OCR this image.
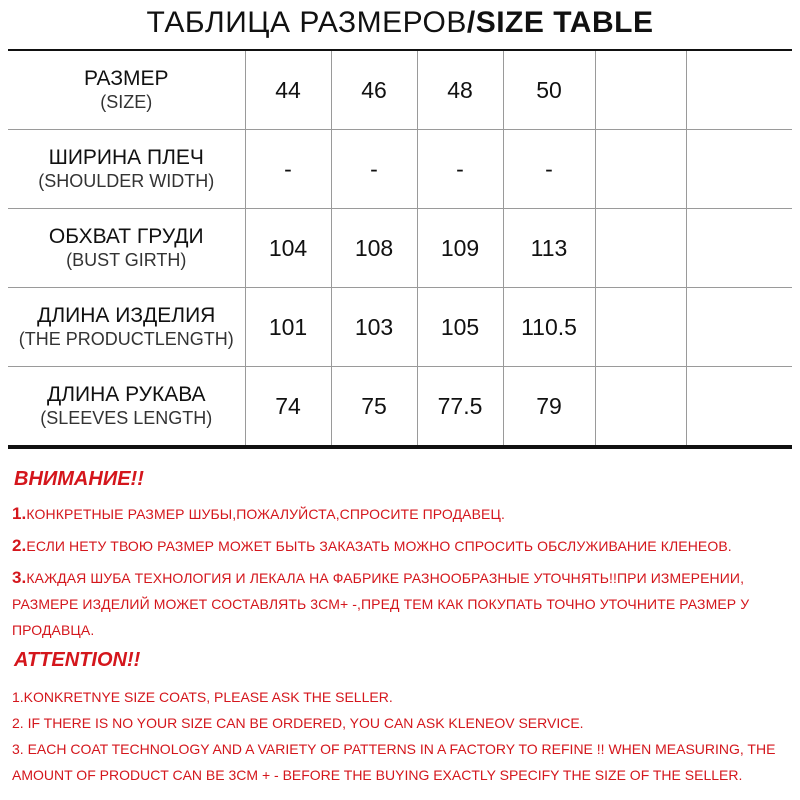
ТАБЛИЦА РАЗМЕРОВ/SIZE TABLE
РАЗМЕР
(SIZE)	44	46	48	50		

ШИРИНА ПЛЕЧ
(SHOULDER WIDTH)	-	-	-	-		

ОБХВАТ ГРУДИ
(BUST GIRTH)	104	108	109	113		

ДЛИНА ИЗДЕЛИЯ
(THE PRODUCTLENGTH)	101	103	105	110.5		

ДЛИНА РУКАВА
(SLEEVES LENGTH)	74	75	77.5	79		
ВНИМАНИЕ!!

1.КОНКРЕТНЫЕ РАЗМЕР ШУБЫ,ПОЖАЛУЙСТА,СПРОСИТЕ ПРОДАВЕЦ.

2.ЕСЛИ НЕТУ ТВОЮ РАЗМЕР МОЖЕТ БЫТЬ ЗАКАЗАТЬ МОЖНО СПРОСИТЬ ОБСЛУЖИВАНИЕ КЛЕНЕОВ.

3.КАЖДАЯ ШУБА ТЕХНОЛОГИЯ И ЛЕКАЛА НА ФАБРИКЕ РАЗНООБРАЗНЫЕ УТОЧНЯТЬ!!ПРИ ИЗМЕРЕНИИ,

РАЗМЕРЕ ИЗДЕЛИЙ МОЖЕТ СОСТАВЛЯТЬ 3СМ+ -,ПРЕД ТЕМ КАК ПОКУПАТЬ ТОЧНО УТОЧНИТЕ РАЗМЕР У

ПРОДАВЦА.

ATTENTION!!

1.KONKRETNYE SIZE COATS, PLEASE ASK THE SELLER.

2. IF THERE IS NO YOUR SIZE CAN BE ORDERED, YOU CAN ASK KLENEOV SERVICE.

3. EACH COAT TECHNOLOGY AND A VARIETY OF PATTERNS IN A FACTORY TO REFINE !! WHEN MEASURING, THE

AMOUNT OF PRODUCT CAN BE 3CM + - BEFORE THE BUYING EXACTLY SPECIFY THE SIZE OF THE SELLER.
